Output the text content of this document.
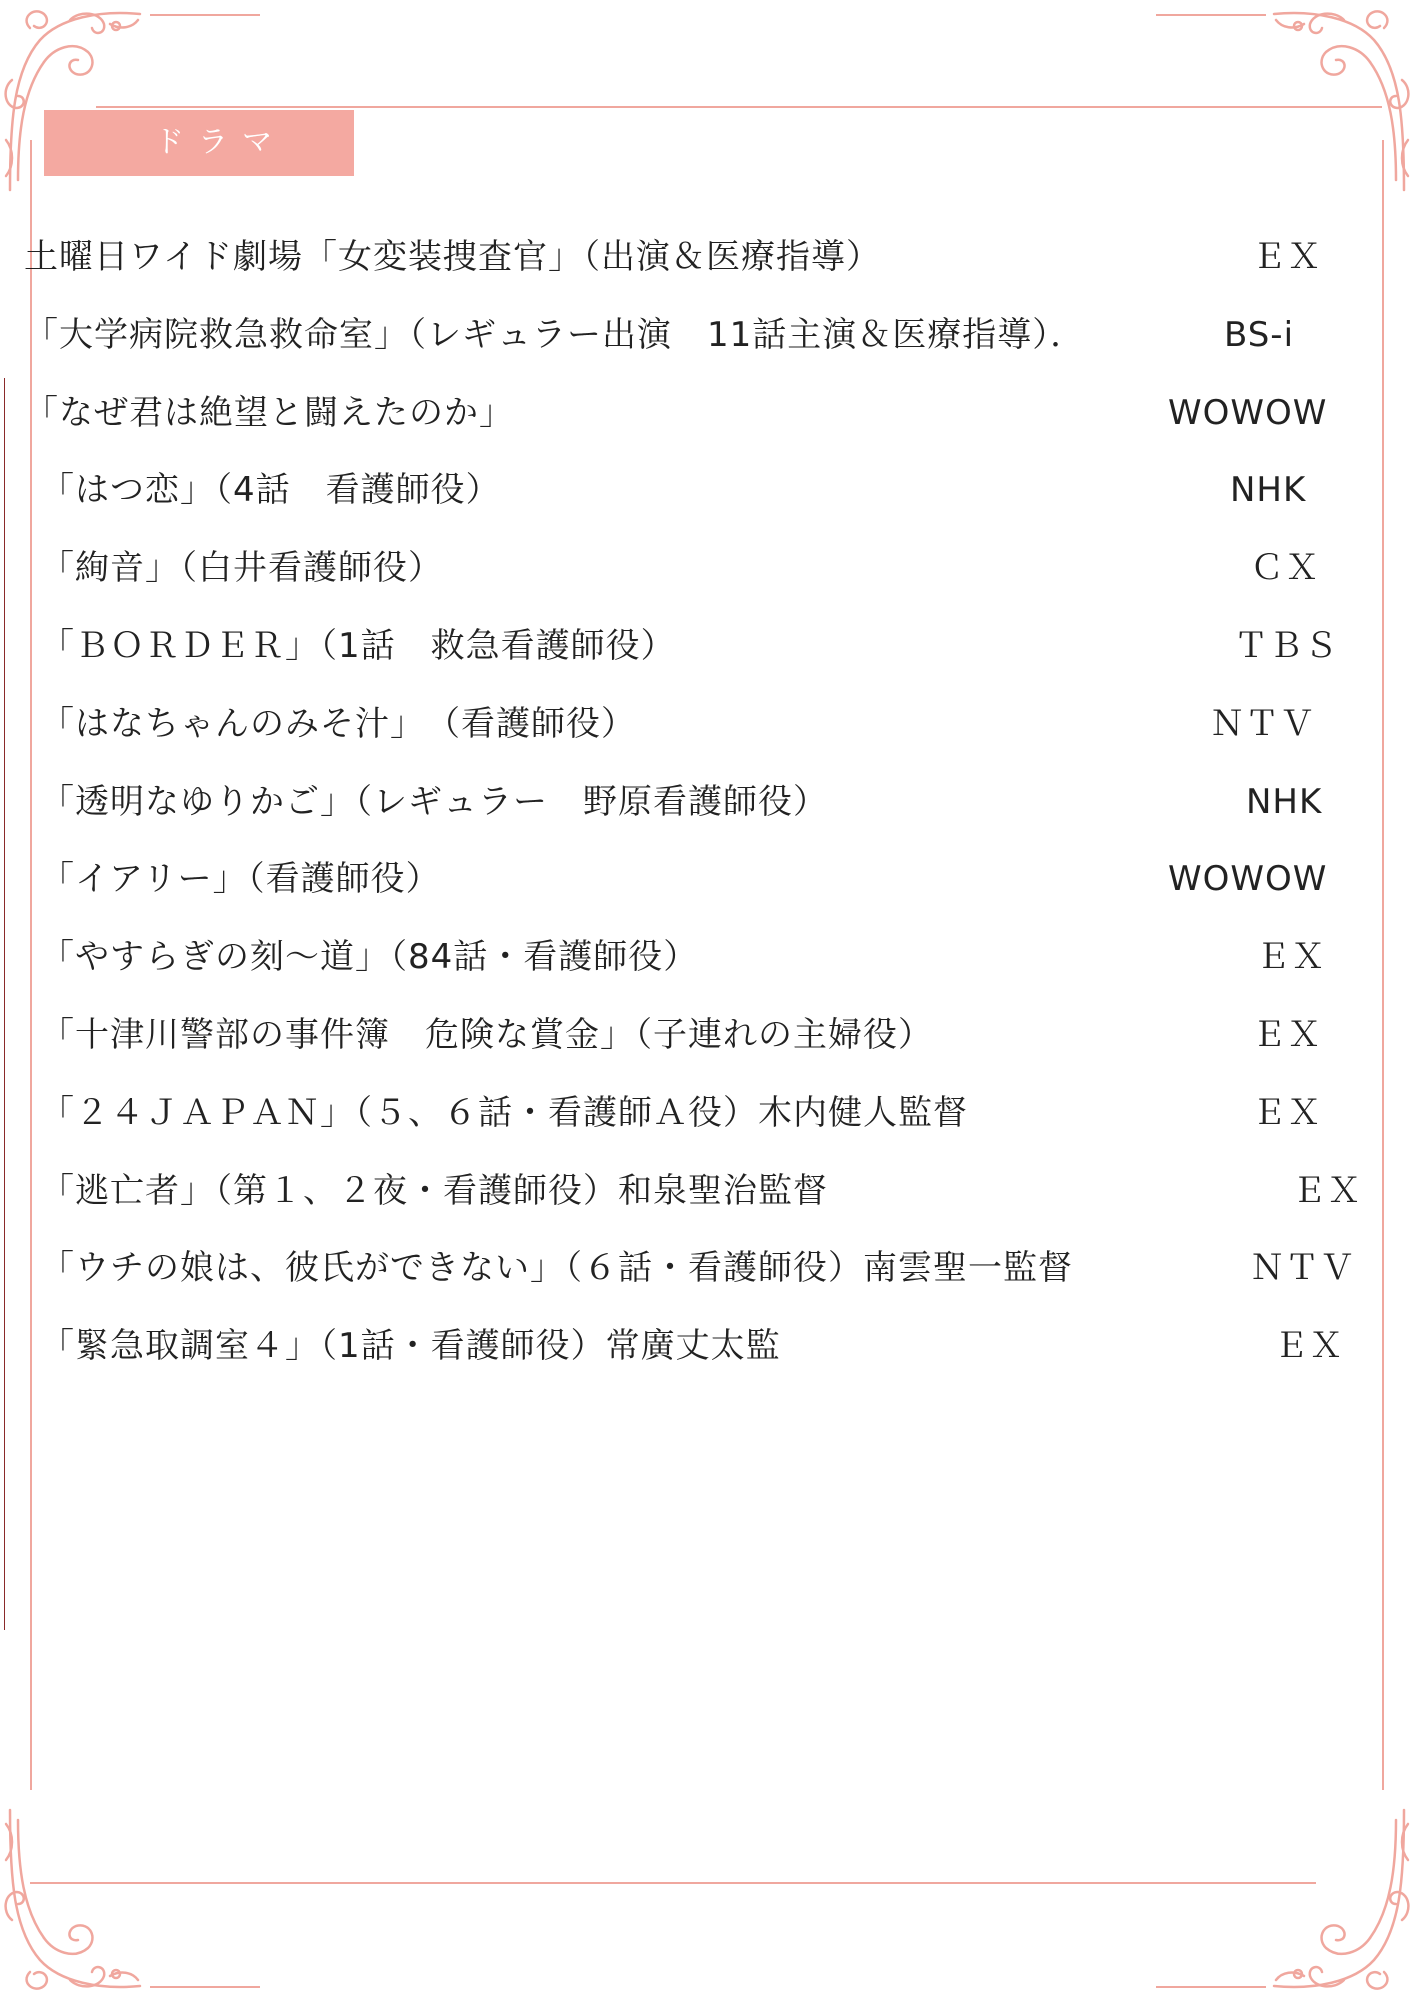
ドラマ
土曜日ワイド劇場「女変装捜査官」（出演＆医療指導）	ＥＸ
「大学病院救急救命室」（レギュラー出演　11話主演＆医療指導）．	BS‐i
「なぜ君は絶望と闘えたのか」	WOWOW
「はつ恋」（4話　看護師役）	NHK
「絢音」（白井看護師役）	ＣＸ
「ＢＯＲＤＥＲ」（1話　救急看護師役）	ＴＢＳ
「はなちゃんのみそ汁」　（看護師役）	ＮＴＶ
「透明なゆりかご」（レギュラー　野原看護師役）	NHK
「イアリー」（看護師役）	WOWOW
「やすらぎの刻～道」（84話・看護師役）	ＥＸ
「十津川警部の事件簿　危険な賞金」（子連れの主婦役）	ＥＸ
「２４ＪＡＰＡＮ」（５、６話・看護師Ａ役）木内健人監督	ＥＸ
「逃亡者」（第１、２夜・看護師役）和泉聖治監督	ＥＸ
「ウチの娘は、彼氏ができない」（６話・看護師役）南雲聖一監督	ＮＴＶ
「緊急取調室４」（1話・看護師役）常廣丈太監	ＥＸ
